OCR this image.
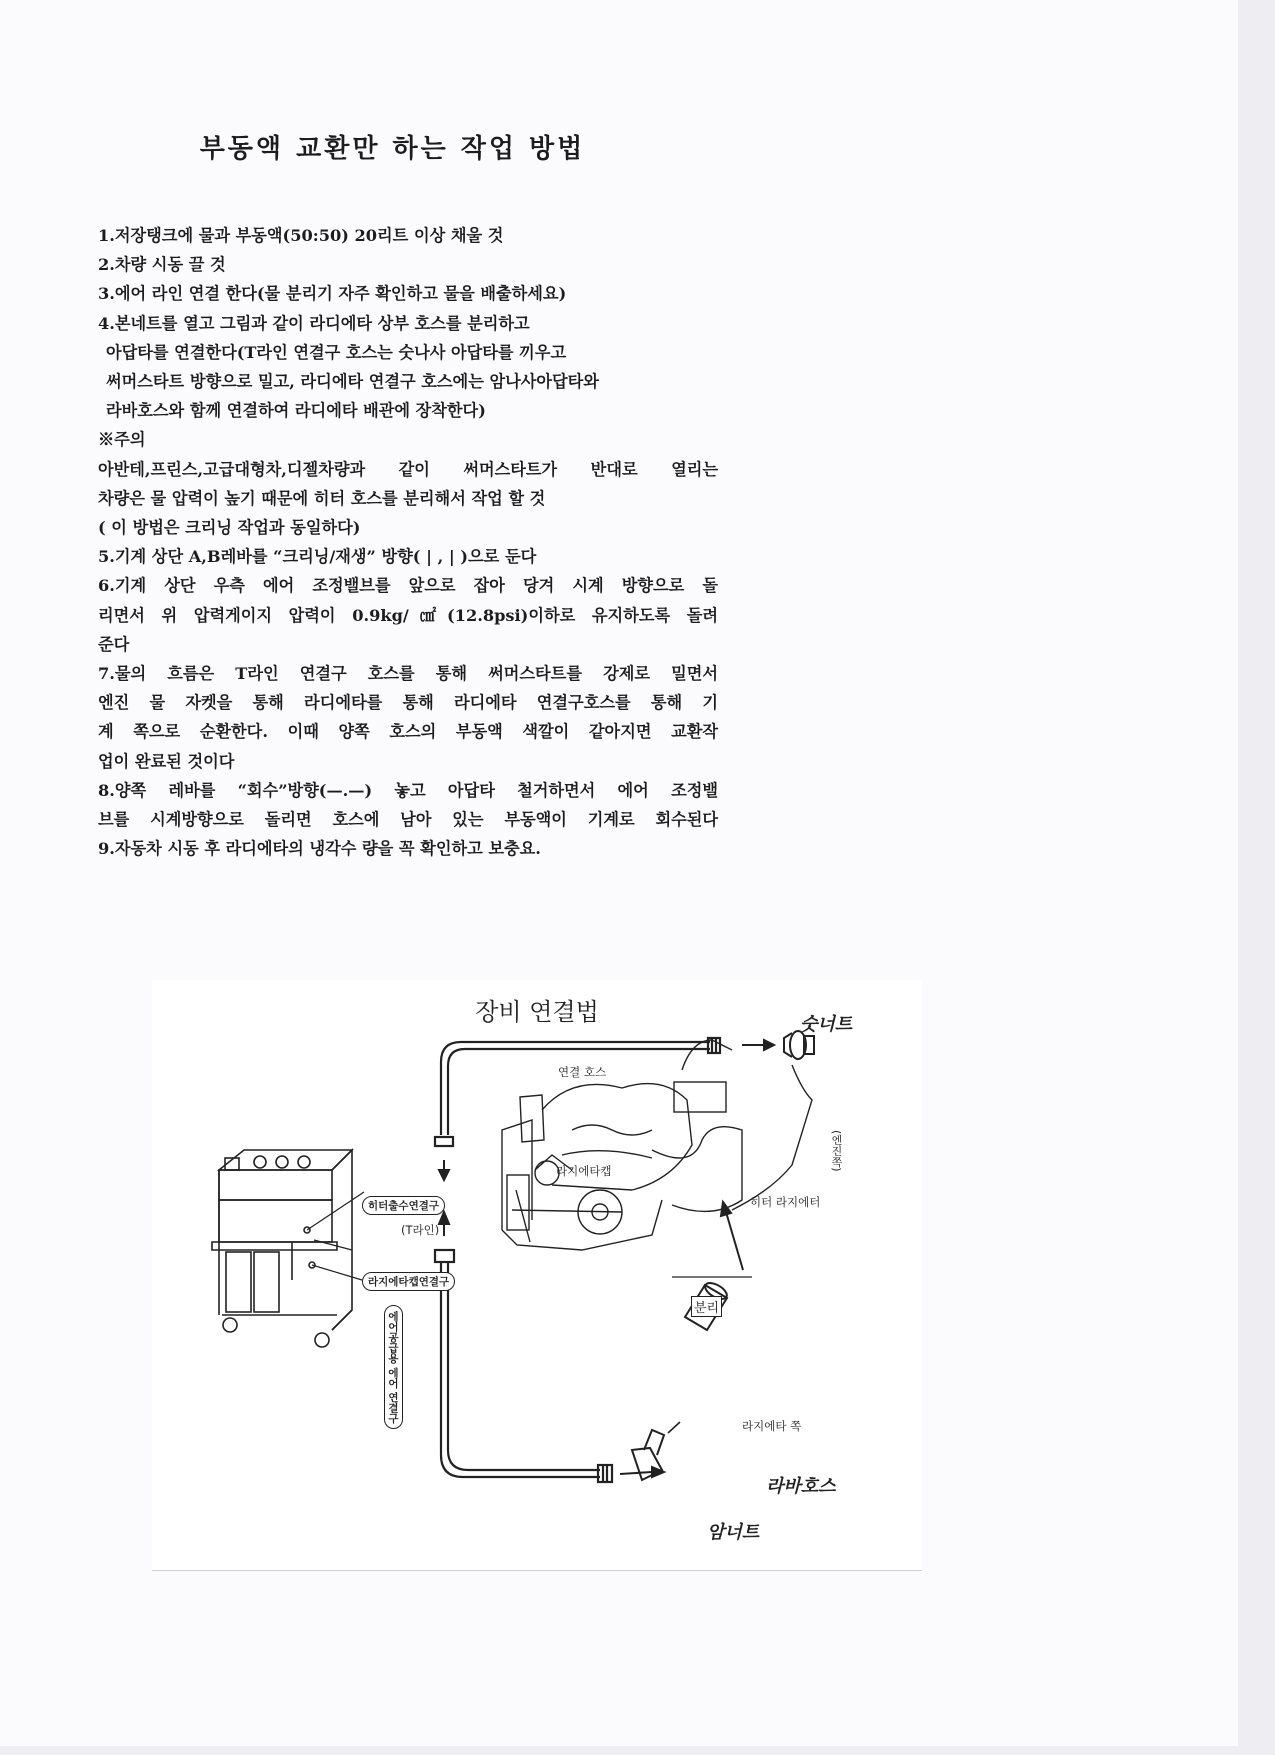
부동액 교환만 하는 작업 방법
1.저장탱크에 물과 부동액(50:50) 20리트 이상 채울 것
2.차량 시동 끌 것
3.에어 라인 연결 한다(물 분리기 자주 확인하고 물을 배출하세요)
4.본네트를 열고 그림과 같이 라디에타 상부 호스를 분리하고
아답타를 연결한다(T라인 연결구 호스는 숫나사 아답타를 끼우고
써머스타트 방향으로 밀고, 라디에타 연결구 호스에는 암나사아답타와
라바호스와 함께 연결하여 라디에타 배관에 장착한다)
※주의
아반테,프린스,고급대형차,디젤차량과 같이 써머스타트가 반대로 열리는
차량은 물 압력이 높기 때문에 히터 호스를 분리해서 작업 할 것
( 이 방법은 크리닝 작업과 동일하다)
5.기계 상단 A,B레바를 “크리닝/재생” 방향( | , | )으로 둔다
6.기계 상단 우측 에어 조정밸브를 앞으로 잡아 당겨 시계 방향으로 돌
리면서 위 압력게이지 압력이 0.9kg/㎠(12.8psi)이하로 유지하도록 돌려
준다
7.물의 흐름은 T라인 연결구 호스를 통해 써머스타트를 강제로 밀면서
엔진 물 자켓을 통해 라디에타를 통해 라디에타 연결구호스를 통해 기
계 쪽으로 순환한다. 이때 양쪽 호스의 부동액 색깔이 같아지면 교환작
업이 완료된 것이다
8.양쪽 레바를 “회수”방향(—.—) 놓고 아답타 철거하면서 에어 조정밸
브를 시계방향으로 돌리면 호스에 남아 있는 부동액이 기계로 회수된다
9.자동차 시동 후 라디에타의 냉각수 량을 꼭 확인하고 보충요.
장비 연결법	숫너트
연결 호스
(엔진쪽)
라지에타캡
히터 라지에터
히터출수연결구
(T라인)
라지에타캡연결구
분리
에어공급용 에어 연결구
라지에타 쪽
라바호스
암너트
